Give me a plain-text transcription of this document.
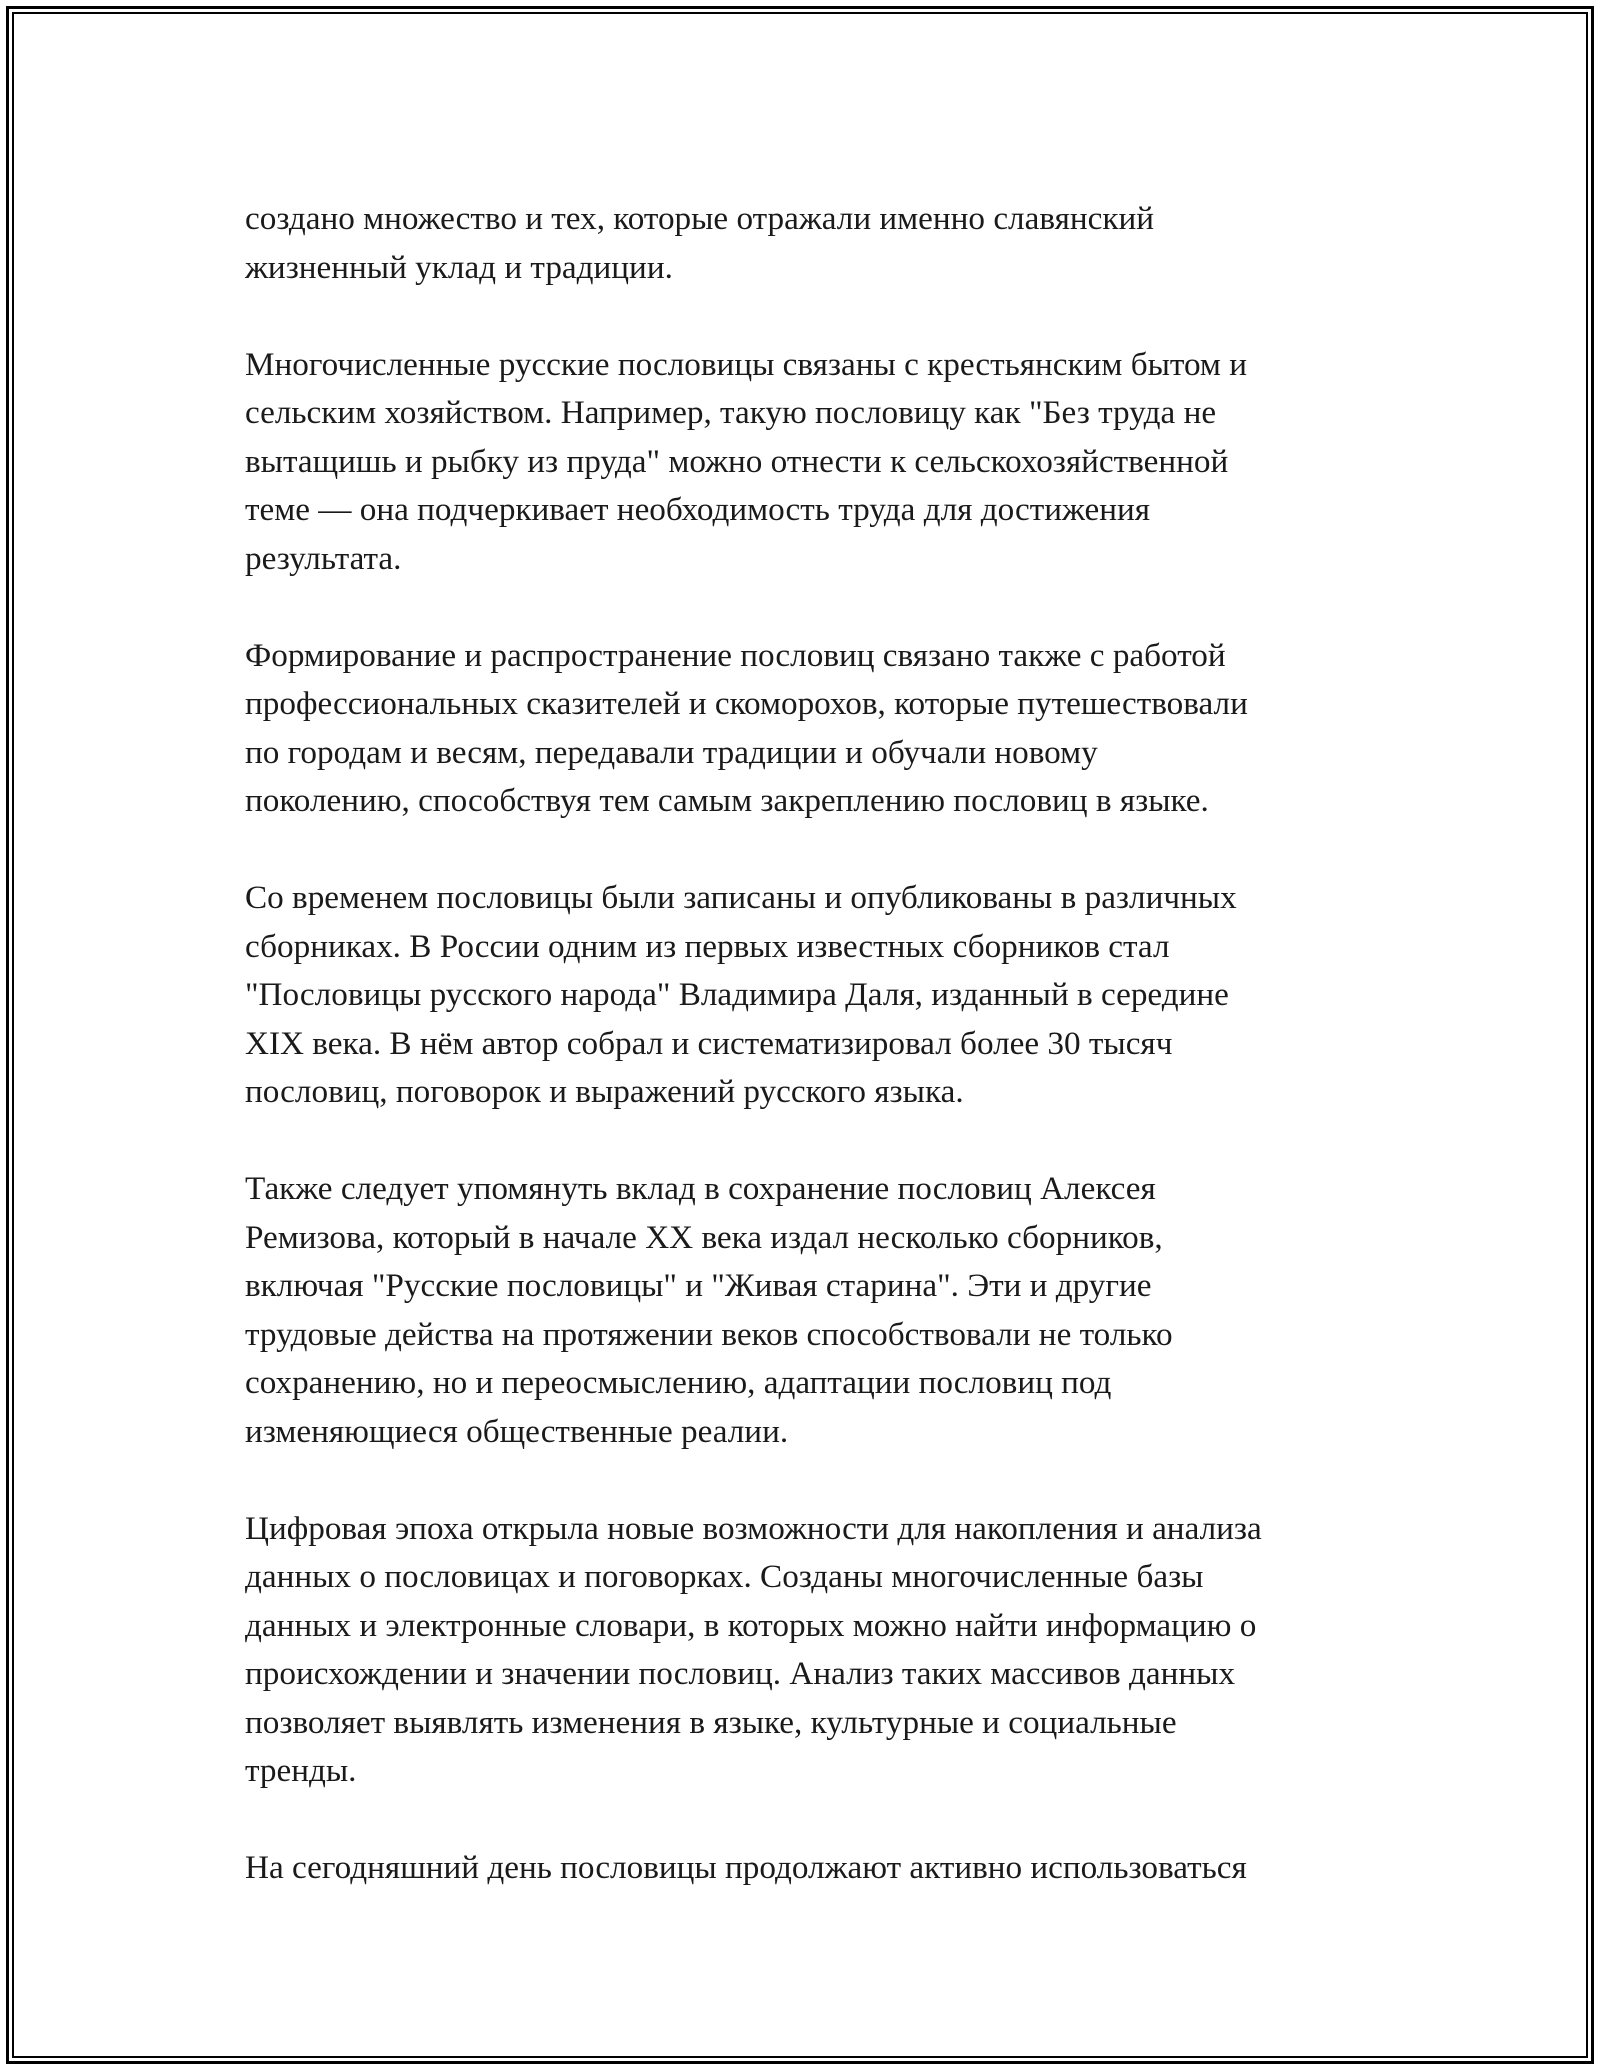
создано множество и тех, которые отражали именно славянский
жизненный уклад и традиции.

Многочисленные русские пословицы связаны с крестьянским бытом и
сельским хозяйством. Например, такую пословицу как "Без труда не
вытащишь и рыбку из пруда" можно отнести к сельскохозяйственной
теме — она подчеркивает необходимость труда для достижения
результата.

Формирование и распространение пословиц связано также с работой
профессиональных сказителей и скоморохов, которые путешествовали
по городам и весям, передавали традиции и обучали новому
поколению, способствуя тем самым закреплению пословиц в языке.

Со временем пословицы были записаны и опубликованы в различных
сборниках. В России одним из первых известных сборников стал
"Пословицы русского народа" Владимира Даля, изданный в середине
XIX века. В нём автор собрал и систематизировал более 30 тысяч
пословиц, поговорок и выражений русского языка.

Также следует упомянуть вклад в сохранение пословиц Алексея
Ремизова, который в начале XX века издал несколько сборников,
включая "Русские пословицы" и "Живая старина". Эти и другие
трудовые действа на протяжении веков способствовали не только
сохранению, но и переосмыслению, адаптации пословиц под
изменяющиеся общественные реалии.

Цифровая эпоха открыла новые возможности для накопления и анализа
данных о пословицах и поговорках. Созданы многочисленные базы
данных и электронные словари, в которых можно найти информацию о
происхождении и значении пословиц. Анализ таких массивов данных
позволяет выявлять изменения в языке, культурные и социальные
тренды.

На сегодняшний день пословицы продолжают активно использоваться
